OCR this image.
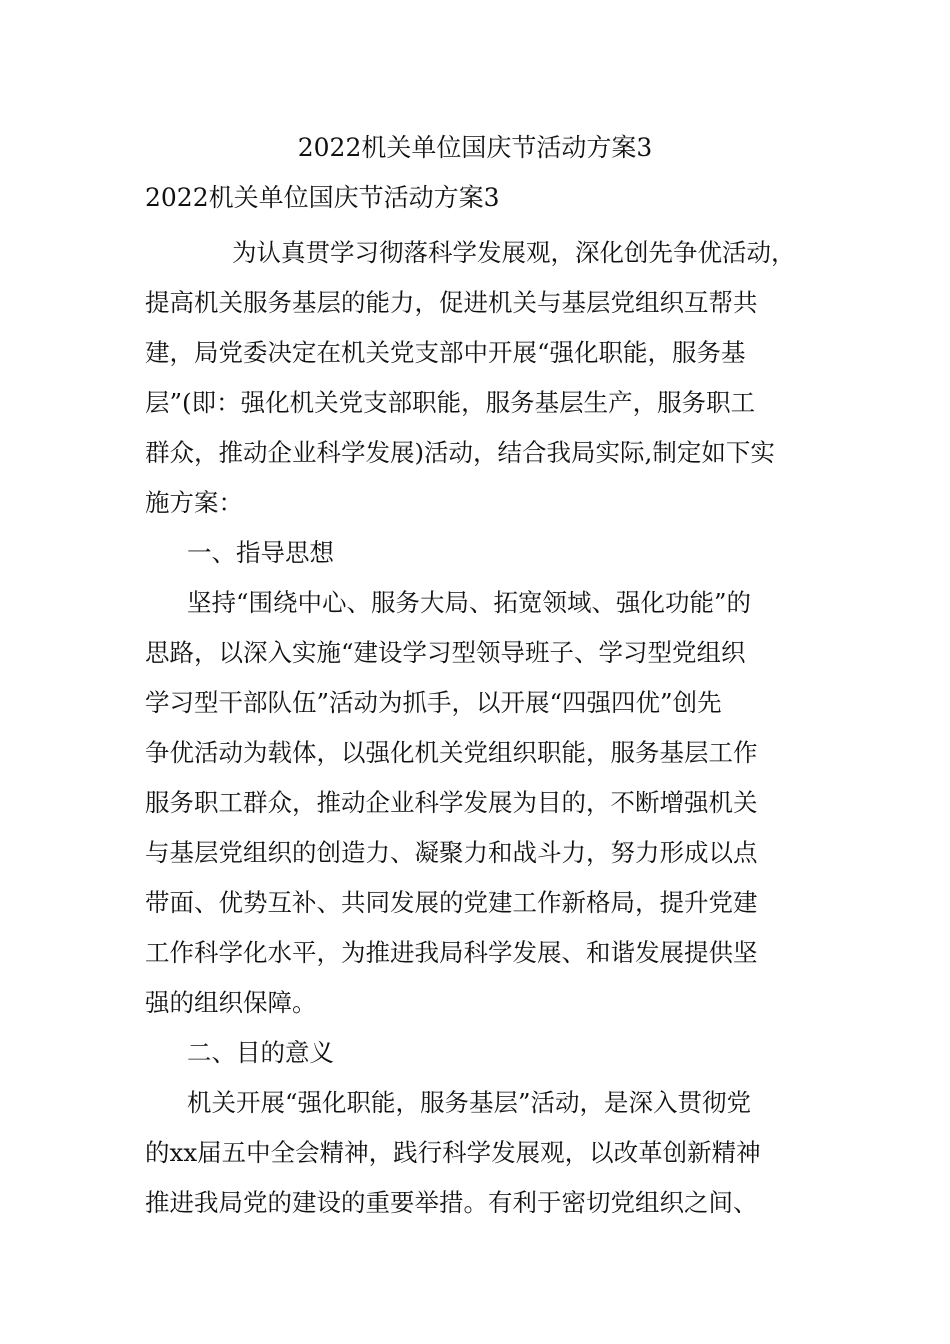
2022机关单位国庆节活动方案3
2022机关单位国庆节活动方案3

为认真贯学习彻落科学发展观，深化创先争优活动，

提高机关服务基层的能力，促进机关与基层党组织互帮共

建，局党委决定在机关党支部中开展“强化职能，服务基

层”(即：强化机关党支部职能，服务基层生产，服务职工

群众，推动企业科学发展)活动，结合我局实际,制定如下实

施方案：

一、指导思想

坚持“围绕中心、服务大局、拓宽领域、强化功能”的

思路，以深入实施“建设学习型领导班子、学习型党组织

学习型干部队伍”活动为抓手，以开展“四强四优”创先

争优活动为载体，以强化机关党组织职能，服务基层工作

服务职工群众，推动企业科学发展为目的，不断增强机关

与基层党组织的创造力、凝聚力和战斗力，努力形成以点

带面、优势互补、共同发展的党建工作新格局，提升党建

工作科学化水平，为推进我局科学发展、和谐发展提供坚

强的组织保障。

二、目的意义

机关开展“强化职能，服务基层”活动，是深入贯彻党

的xx届五中全会精神，践行科学发展观，以改革创新精神

推进我局党的建设的重要举措。有利于密切党组织之间、
